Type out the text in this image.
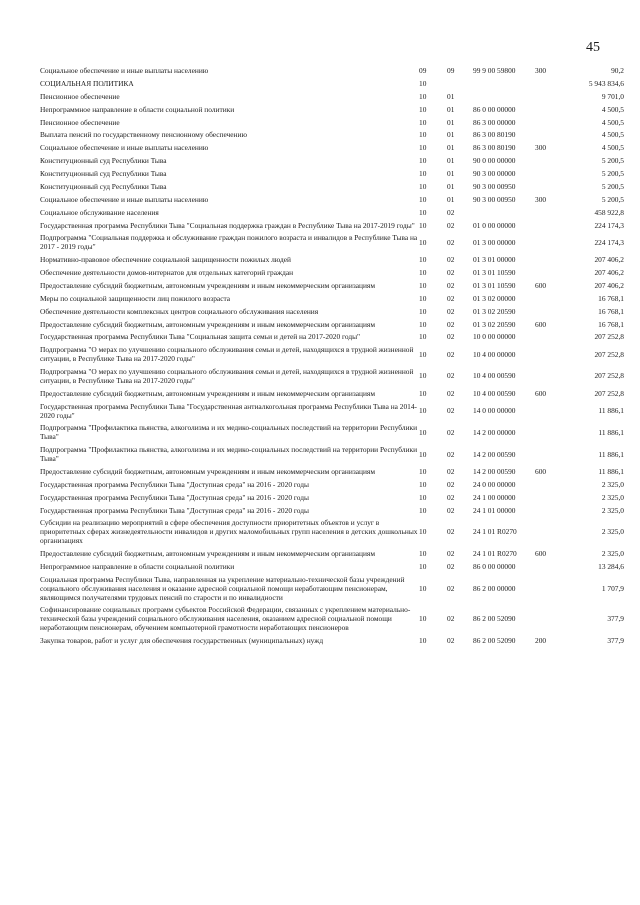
45
Социальное обеспечение и иные выплаты населению	09	09	99 9 00 59800	300	90,2
СОЦИАЛЬНАЯ ПОЛИТИКА	10				5 943 834,6
Пенсионное обеспечение	10	01			9 701,0
Непрограммное направление в области социальной политики	10	01	86 0 00 00000		4 500,5
Пенсионное обеспечение	10	01	86 3 00 00000		4 500,5
Выплата пенсий по государственному пенсионному обеспечению	10	01	86 3 00 80190		4 500,5
Социальное обеспечение и иные выплаты населению	10	01	86 3 00 80190	300	4 500,5
Конституционный суд Республики Тыва	10	01	90 0 00 00000		5 200,5
Конституционный суд Республики Тыва	10	01	90 3 00 00000		5 200,5
Конституционный суд Республики Тыва	10	01	90 3 00 00950		5 200,5
Социальное обеспечение и иные выплаты населению	10	01	90 3 00 00950	300	5 200,5
Социальное обслуживание населения	10	02			458 922,8
Государственная программа Республики Тыва "Социальная поддержка граждан в Республике Тыва на 2017-2019 годы"	10	02	01 0 00 00000		224 174,3
Подпрограмма "Социальная поддержка и обслуживание граждан пожилого возраста и инвалидов в Республике Тыва на 2017 - 2019 годы"	10	02	01 3 00 00000		224 174,3
Нормативно-правовое обеспечение социальной защищенности пожилых людей	10	02	01 3 01 00000		207 406,2
Обеспечение деятельности домов-интернатов для отдельных категорий граждан	10	02	01 3 01 10590		207 406,2
Предоставление субсидий бюджетным, автономным учреждениям и иным некоммерческим организациям	10	02	01 3 01 10590	600	207 406,2
Меры по социальной защищенности лиц пожилого возраста	10	02	01 3 02 00000		16 768,1
Обеспечение деятельности комплексных центров социального обслуживания населения	10	02	01 3 02 20590		16 768,1
Предоставление субсидий бюджетным, автономным учреждениям и иным некоммерческим организациям	10	02	01 3 02 20590	600	16 768,1
Государственная программа Республики Тыва "Социальная защита семьи и детей на 2017-2020 годы"	10	02	10 0 00 00000		207 252,8
Подпрограмма "О мерах по улучшению социального обслуживания семьи и детей, находящихся в трудной жизненной ситуации, в Республике Тыва на 2017-2020 годы"	10	02	10 4 00 00000		207 252,8
Подпрограмма "О мерах по улучшению социального обслуживания семьи и детей, находящихся в трудной жизненной ситуации, в Республике Тыва на 2017-2020 годы"	10	02	10 4 00 00590		207 252,8
Предоставление субсидий бюджетным, автономным учреждениям и иным некоммерческим организациям	10	02	10 4 00 00590	600	207 252,8
Государственная программа Республики Тыва "Государственная антиалкогольная программа Республики Тыва на 2014-2020 годы"	10	02	14 0 00 00000		11 886,1
Подпрограмма "Профилактика пьянства, алкоголизма и их медико-социальных последствий на территории Республики Тыва"	10	02	14 2 00 00000		11 886,1
Подпрограмма "Профилактика пьянства, алкоголизма и их медико-социальных последствий на территории Республики Тыва"	10	02	14 2 00 00590		11 886,1
Предоставление субсидий бюджетным, автономным учреждениям и иным некоммерческим организациям	10	02	14 2 00 00590	600	11 886,1
Государственная программа Республики Тыва "Доступная среда" на 2016 - 2020 годы	10	02	24 0 00 00000		2 325,0
Государственная программа Республики Тыва "Доступная среда" на 2016 - 2020 годы	10	02	24 1 00 00000		2 325,0
Государственная программа Республики Тыва "Доступная среда" на 2016 - 2020 годы	10	02	24 1 01 00000		2 325,0
Субсидии на реализацию мероприятий в сфере обеспечения доступности приоритетных объектов и услуг в приоритетных сферах жизнедеятельности инвалидов и других маломобильных групп населения в детских дошкольных организациях	10	02	24 1 01 R0270		2 325,0
Предоставление субсидий бюджетным, автономным учреждениям и иным некоммерческим организациям	10	02	24 1 01 R0270	600	2 325,0
Непрограммное направление в области социальной политики	10	02	86 0 00 00000		13 284,6
Социальная программа Республики Тыва, направленная на укрепление материально-технической базы учреждений социального обслуживания населения и оказание адресной социальной помощи неработающим пенсионерам, являющимся получателями трудовых пенсий по старости и по инвалидности	10	02	86 2 00 00000		1 707,9
Софинансирование социальных программ субъектов Российской Федерации, связанных с укреплением материально-технической базы учреждений социального обслуживания населения, оказанием адресной социальной помощи неработающим пенсионерам, обучением компьютерной грамотности неработающих пенсионеров	10	02	86 2 00 52090		377,9
Закупка товаров, работ и услуг для обеспечения государственных (муниципальных) нужд	10	02	86 2 00 52090	200	377,9
